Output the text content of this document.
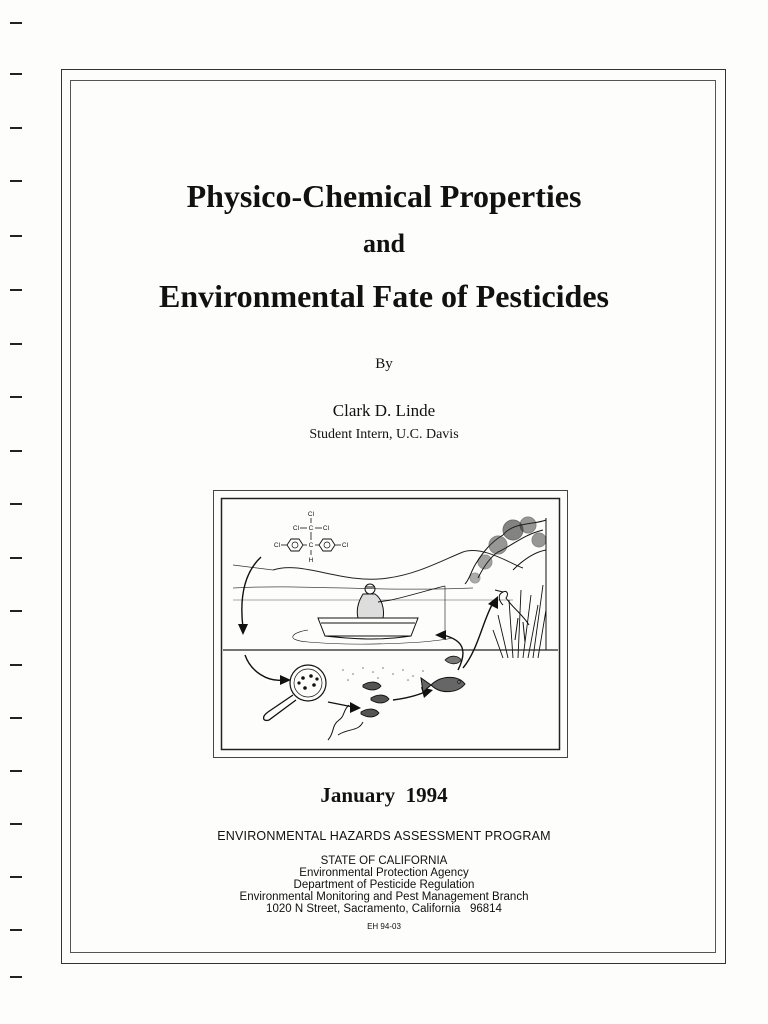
Physico-Chemical Properties
and
Environmental Fate of Pesticides
By
Clark D. Linde
Student Intern, U.C. Davis
Cl
Cl C Cl
Cl	C	Cl
H
January  1994
ENVIRONMENTAL HAZARDS ASSESSMENT PROGRAM
STATE OF CALIFORNIA
Environmental Protection Agency
Department of Pesticide Regulation
Environmental Monitoring and Pest Management Branch
1020 N Street, Sacramento, California   96814
EH 94-03
